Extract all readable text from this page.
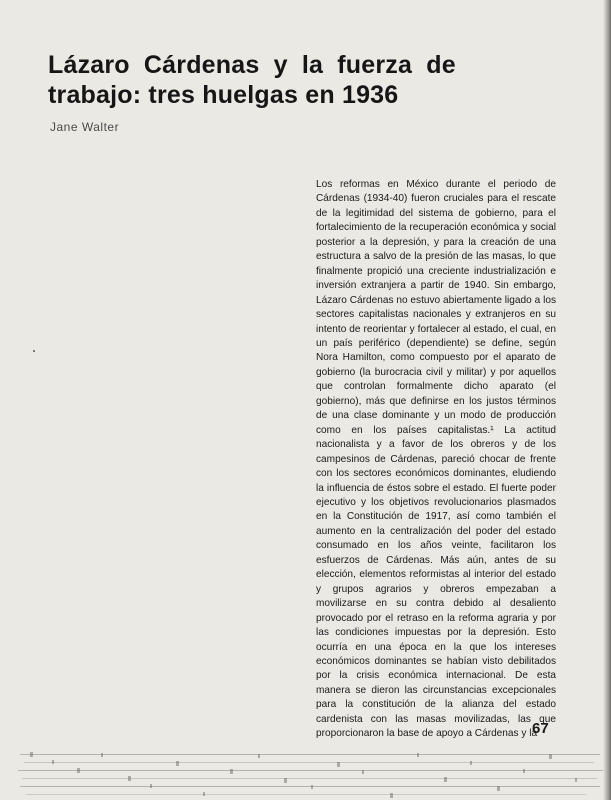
Lázaro Cárdenas y la fuerza de
trabajo: tres huelgas en 1936
Jane Walter

Los reformas en México durante el periodo de Cárdenas (1934-40) fueron cruciales para el rescate de la legitimidad del sistema de gobierno, para el fortalecimiento de la recuperación económica y social posterior a la depresión, y para la creación de una estructura a salvo de la presión de las masas, lo que finalmente propició una creciente industrialización e inversión extranjera a partir de 1940. Sin embargo, Lázaro Cárdenas no estuvo abiertamente ligado a los sectores capitalistas nacionales y extranjeros en su intento de reorientar y fortalecer al estado, el cual, en un país periférico (dependiente) se define, según Nora Hamilton, como compuesto por el aparato de gobierno (la burocracia civil y militar) y por aquellos que controlan formalmente dicho aparato (el gobierno), más que definirse en los justos términos de una clase dominante y un modo de producción como en los países capitalistas.¹ La actitud nacionalista y a favor de los obreros y de los campesinos de Cárdenas, pareció chocar de frente con los sectores económicos dominantes, eludiendo la influencia de éstos sobre el estado. El fuerte poder ejecutivo y los objetivos revolucionarios plasmados en la Constitución de 1917, así como también el aumento en la centralización del poder del estado consumado en los años veinte, facilitaron los esfuerzos de Cárdenas. Más aún, antes de su elección, elementos reformistas al interior del estado y grupos agrarios y obreros empezaban a movilizarse en su contra debido al desaliento provocado por el retraso en la reforma agraria y por las condiciones impuestas por la depresión. Esto ocurría en una época en la que los intereses económicos dominantes se habían visto debilitados por la crisis económica internacional. De esta manera se dieron las circunstancias excepcionales para la constitución de la alianza del estado cardenista con las masas movilizadas, las que proporcionaron la base de apoyo a Cárdenas y la

67
